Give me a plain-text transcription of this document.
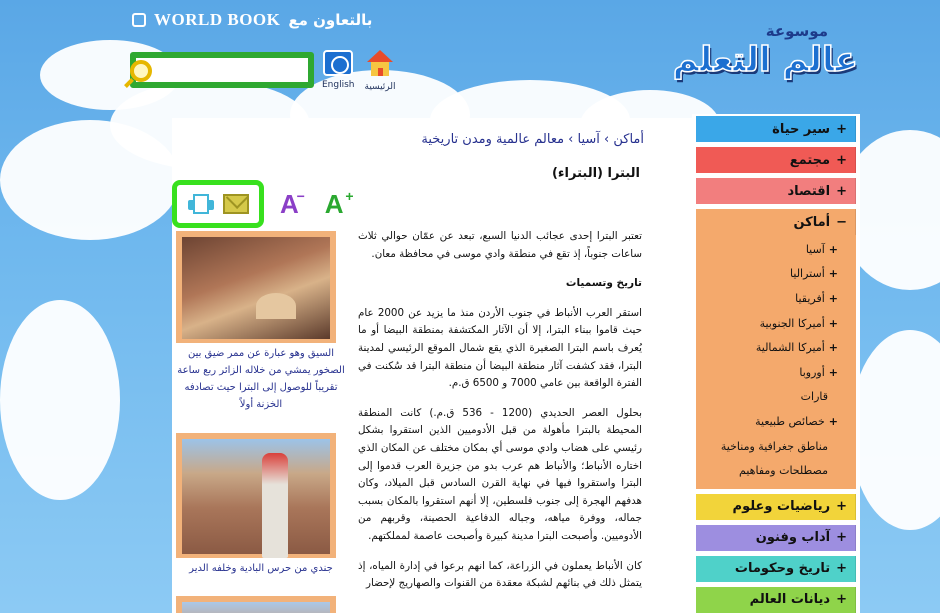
WORLD BOOK بالتعاون مع
موسوعة
عالم التعلم
English الرئيسية
أماكن › آسيا › معالم عالمية ومدن تاريخية
البترا (البتراء)
A
− A +
السيق وهو عبارة عن ممر ضيق بين الصخور يمشي من خلاله الزائر ربع ساعة تقريباً للوصول إلى البترا حيث تصادفه الخزنة أولاً
جندي من حرس البادية وخلفه الدير

تعتبر البترا إحدى عجائب الدنيا السبع، تبعد عن عمّان حوالي ثلاث ساعات جنوباً، إذ تقع في منطقة وادي موسى في محافظة معان.

تاريخ وتسميات

استقر العرب الأنباط في جنوب الأردن منذ ما يزيد عن 2000 عام حيث قاموا ببناء البترا، إلا أن الآثار المكتشفة بمنطقة البيضا أو ما يُعرف باسم البترا الصغيرة الذي يقع شمال الموقع الرئيسي لمدينة البترا، فقد كشفت آثار منطقة البيضا أن منطقة البترا قد سُكنت في الفترة الواقعة بين عامي 7000 و 6500 ق.م.

بحلول العصر الحديدي (1200 - 536 ق.م.) كانت المنطقة المحيطة بالبترا مأهولة من قبل الأدوميين الذين استقروا بشكل رئيسي على هضاب وادي موسى أي بمكان مختلف عن المكان الذي اختاره الأنباط؛ والأنباط هم عرب بدو من جزيرة العرب قدموا إلى البترا واستقروا فيها في نهاية القرن السادس قبل الميلاد، وكان هدفهم الهجرة إلى جنوب فلسطين، إلا أنهم استقروا بالمكان بسبب جماله، ووفرة مياهه، وجباله الدفاعية الحصينة، وقربهم من الأدوميين. وأصبحت البترا مدينة كبيرة وأصبحت عاصمة لمملكتهم.

كان الأنباط يعملون في الزراعة، كما انهم برعوا في إدارة المياه، إذ يتمثل ذلك في بنائهم لشبكة معقدة من القنوات والصهاريج لإحضار

+
سير حياة
+
مجتمع
+
اقتصاد
−
أماكن
+
آسيا
+
أستراليا
+
أفريقيا
+
أميركا الجنوبية
+
أميركا الشمالية
+
أوروبا
قارات
+
خصائص طبيعية
مناطق جغرافية ومناخية
مصطلحات ومفاهيم
+
رياضيات وعلوم
+
آداب وفنون
+
تاريخ وحكومات
+
ديانات العالم
